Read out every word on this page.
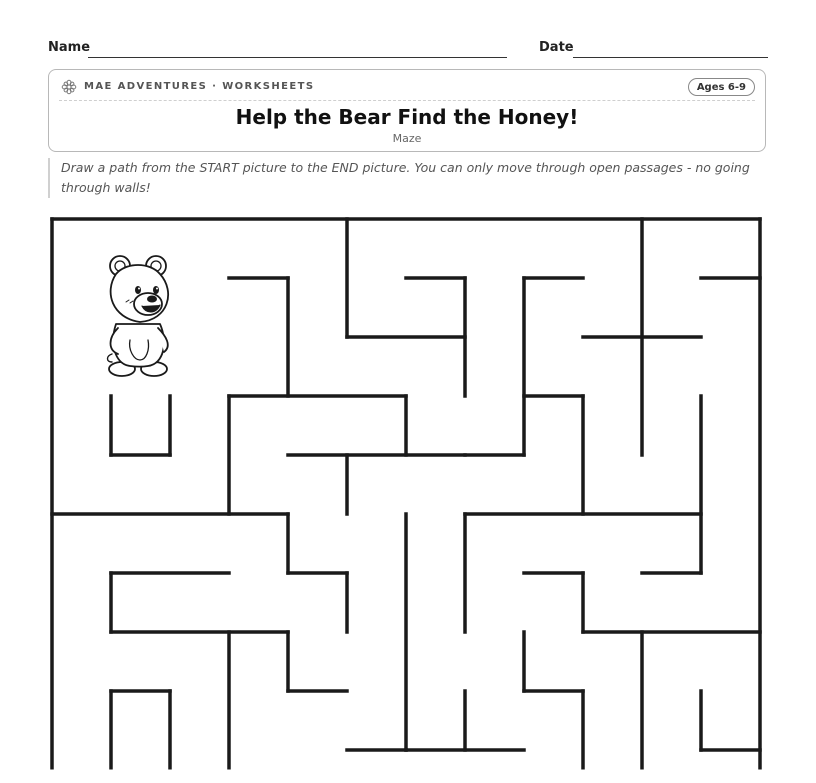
Name	Date
MAE ADVENTURES · WORKSHEETS	Ages 6-9
Help the Bear Find the Honey!
Maze
Draw a path from the START picture to the END picture. You can only move through open passages - no going through walls!
